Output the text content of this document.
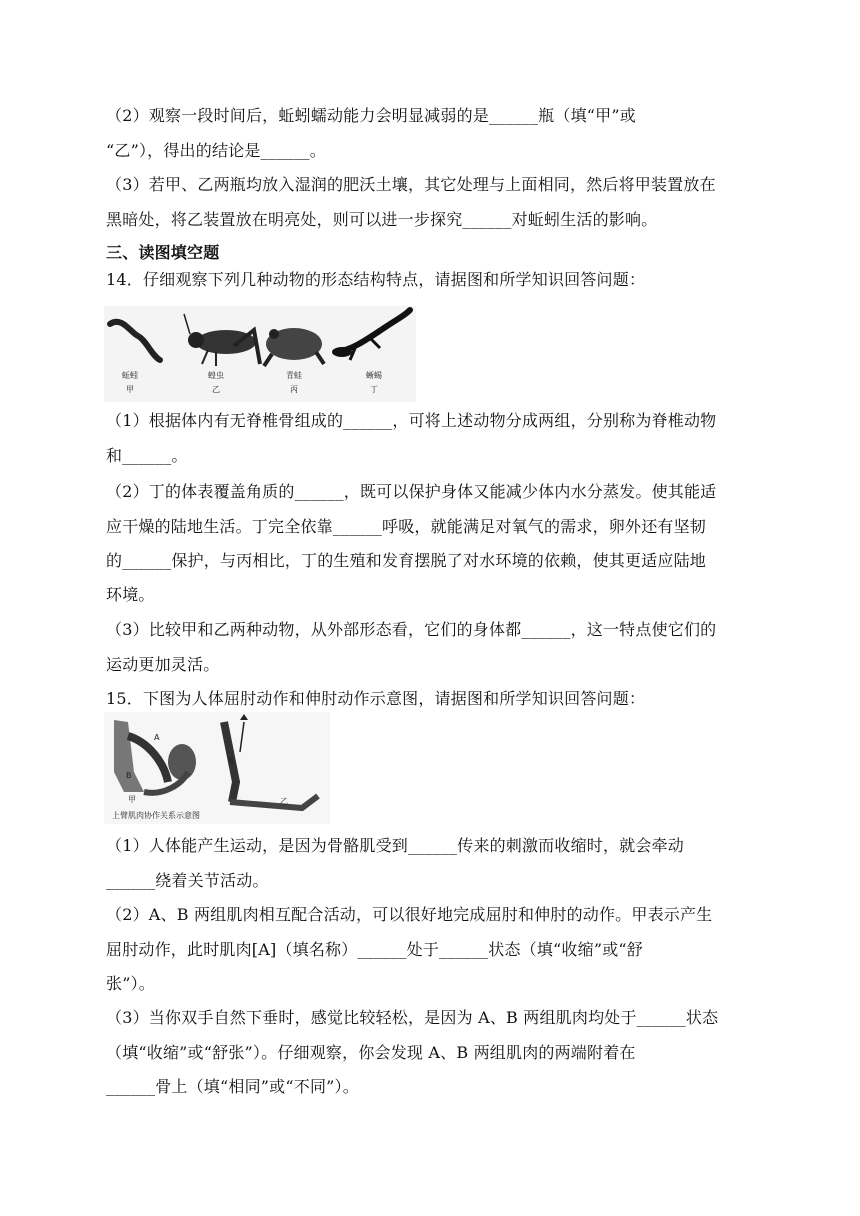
（2）观察一段时间后，蚯蚓蠕动能力会明显减弱的是______瓶（填“甲”或
“乙”），得出的结论是______。
（3）若甲、乙两瓶均放入湿润的肥沃土壤，其它处理与上面相同，然后将甲装置放在
黑暗处，将乙装置放在明亮处，则可以进一步探究______对蚯蚓生活的影响。
三、读图填空题
14．仔细观察下列几种动物的形态结构特点，请据图和所学知识回答问题：
蚯蚓
甲
蝗虫
乙
青蛙
丙
蜥蜴
丁
（1）根据体内有无脊椎骨组成的______，可将上述动物分成两组，分别称为脊椎动物
和______。
（2）丁的体表覆盖角质的______，既可以保护身体又能减少体内水分蒸发。使其能适
应干燥的陆地生活。丁完全依靠______呼吸，就能满足对氧气的需求，卵外还有坚韧
的______保护，与丙相比，丁的生殖和发育摆脱了对水环境的依赖，使其更适应陆地
环境。
（3）比较甲和乙两种动物，从外部形态看，它们的身体都______，这一特点使它们的
运动更加灵活。
15．下图为人体屈肘动作和伸肘动作示意图，请据图和所学知识回答问题：
A
B
B
甲	乙
上臂肌肉协作关系示意图
（1）人体能产生运动，是因为骨骼肌受到______传来的刺激而收缩时，就会牵动
______绕着关节活动。
（2）A、B 两组肌肉相互配合活动，可以很好地完成屈肘和伸肘的动作。甲表示产生
屈肘动作，此时肌肉[A]（填名称）______处于______状态（填“收缩”或“舒
张”）。
（3）当你双手自然下垂时，感觉比较轻松，是因为 A、B 两组肌肉均处于______状态
（填“收缩”或“舒张”）。仔细观察，你会发现 A、B 两组肌肉的两端附着在
______骨上（填“相同”或“不同”）。
